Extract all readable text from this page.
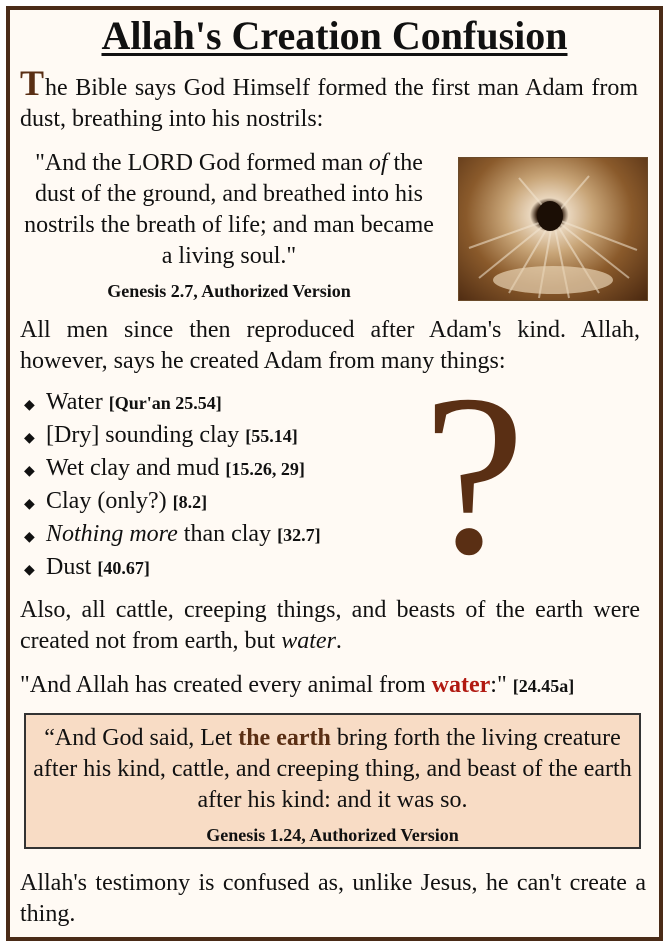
Allah's Creation Confusion
The Bible says God Himself formed the first man Adam from dust, breathing into his nostrils:
"And the LORD God formed man of the dust of the ground, and breathed into his nostrils the breath of life; and man became a living soul."
Genesis 2.7, Authorized Version
All men since then reproduced after Adam's kind. Allah, however, says he created Adam from many things:
◆ Water [Qur'an 25.54]
◆ [Dry] sounding clay [55.14]
◆ Wet clay and mud [15.26, 29]
◆ Clay (only?) [8.2]
◆ Nothing more than clay [32.7]
◆ Dust [40.67]	?
Also, all cattle, creeping things, and beasts of the earth were created not from earth, but water.
"And Allah has created every animal from water:" [24.45a]
“And God said, Let the earth bring forth the living creature after his kind, cattle, and creeping thing, and beast of the earth after his kind: and it was so.
Genesis 1.24, Authorized Version
Allah's testimony is confused as, unlike Jesus, he can't create a thing.
